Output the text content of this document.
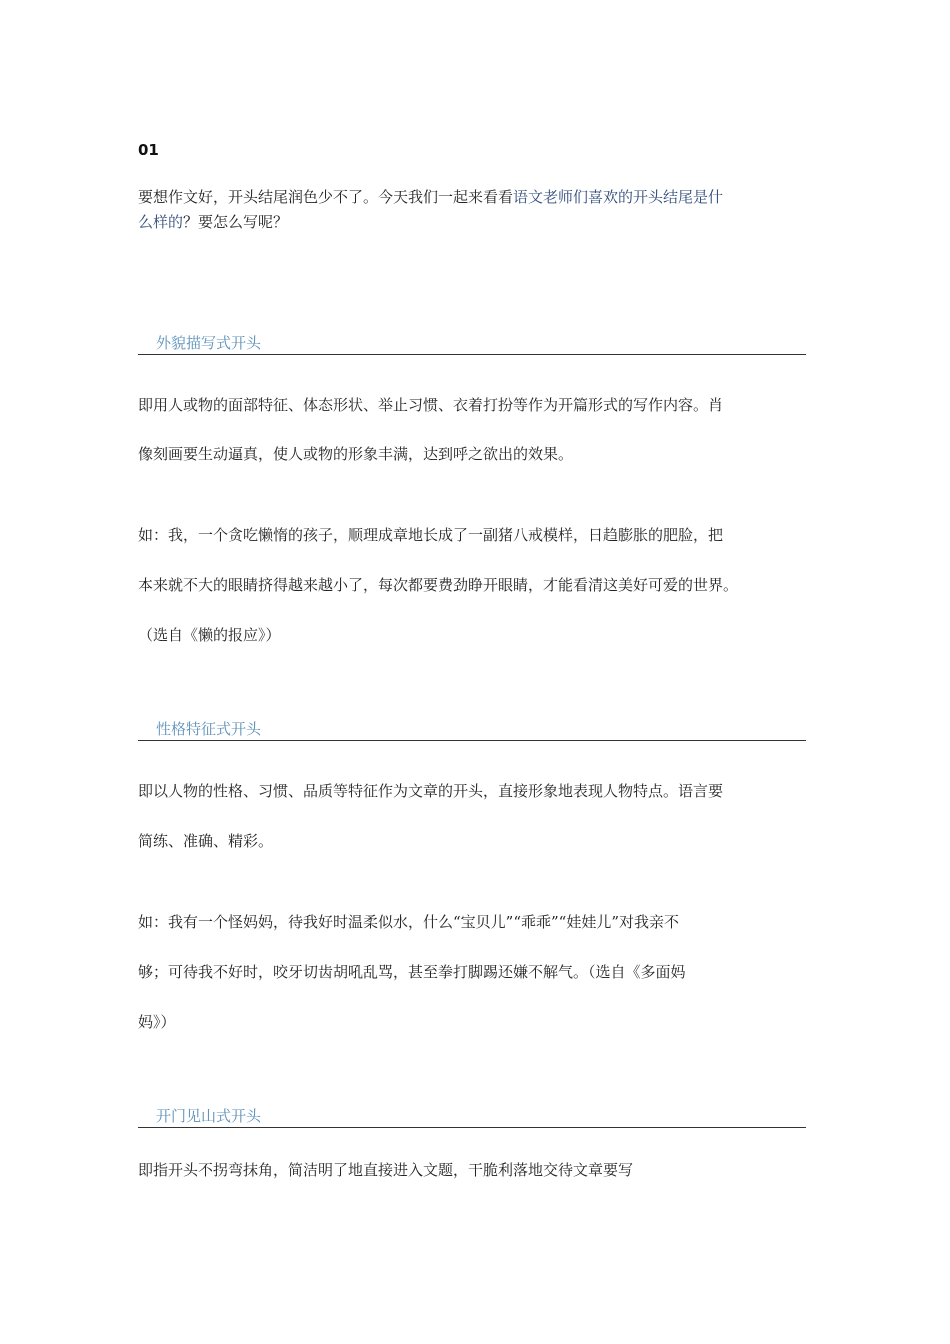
01

要想作文好，开头结尾润色少不了。今天我们一起来看看语文老师们喜欢的开头结尾是什

么样的？要怎么写呢？

外貌描写式开头

即用人或物的面部特征、体态形状、举止习惯、衣着打扮等作为开篇形式的写作内容。肖

像刻画要生动逼真，使人或物的形象丰满，达到呼之欲出的效果。

如：我，一个贪吃懒惰的孩子，顺理成章地长成了一副猪八戒模样，日趋膨胀的肥脸，把

本来就不大的眼睛挤得越来越小了，每次都要费劲睁开眼睛，才能看清这美好可爱的世界。

（选自《懒的报应》）

性格特征式开头

即以人物的性格、习惯、品质等特征作为文章的开头，直接形象地表现人物特点。语言要

简练、准确、精彩。

如：我有一个怪妈妈，待我好时温柔似水，什么“宝贝儿”“乖乖”“娃娃儿”对我亲不

够；可待我不好时，咬牙切齿胡吼乱骂，甚至拳打脚踢还嫌不解气。（选自《多面妈

妈》）

开门见山式开头

即指开头不拐弯抹角，简洁明了地直接进入文题，干脆利落地交待文章要写
